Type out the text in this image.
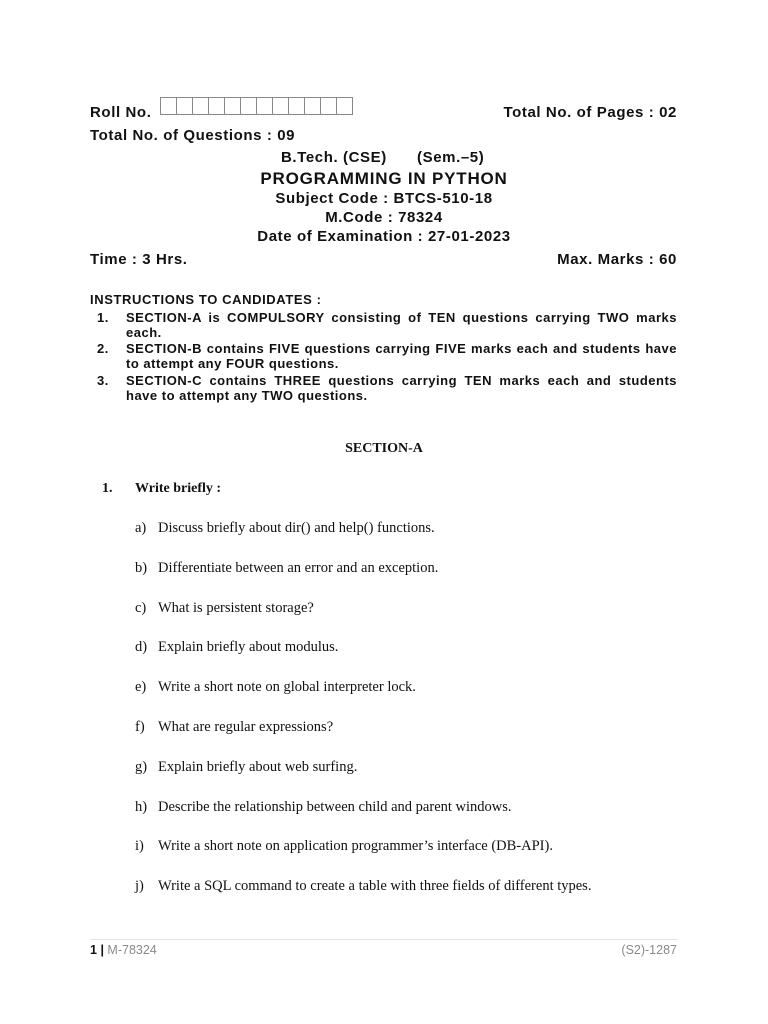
Roll No.	Total No. of Pages : 02
Total No. of Questions : 09
B.Tech. (CSE) (Sem.–5)
PROGRAMMING IN PYTHON
Subject Code : BTCS-510-18
M.Code : 78324
Date of Examination : 27-01-2023
Time : 3 Hrs.	Max. Marks : 60
INSTRUCTIONS TO CANDIDATES :
1. SECTION-A is COMPULSORY consisting of TEN questions carrying TWO marks each.
2. SECTION-B contains FIVE questions carrying FIVE marks each and students have to attempt any FOUR questions.
3. SECTION-C contains THREE questions carrying TEN marks each and students have to attempt any TWO questions.
SECTION-A
1. Write briefly :
a) Discuss briefly about dir() and help() functions.
b) Differentiate between an error and an exception.
c) What is persistent storage?
d) Explain briefly about modulus.
e) Write a short note on global interpreter lock.
f) What are regular expressions?
g) Explain briefly about web surfing.
h) Describe the relationship between child and parent windows.
i) Write a short note on application programmer’s interface (DB-API).
j) Write a SQL command to create a table with three fields of different types.
1 | M-78324	(S2)-1287
